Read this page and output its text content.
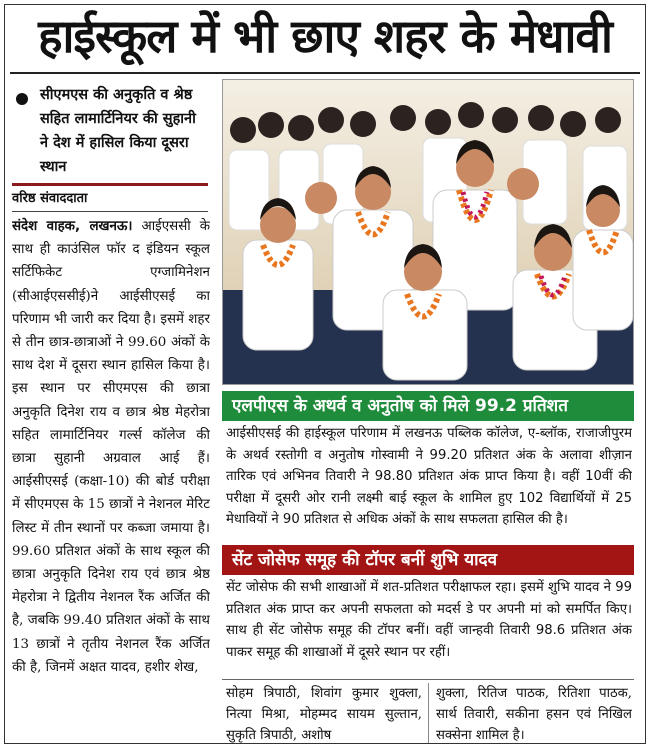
हाईस्कूल में भी छाए शहर के मेधावी
सीएमएस की अनुकृति व श्रेष्ठ सहित लामार्टिनियर की सुहानी ने देश में हासिल किया दूसरा स्थान
वरिष्ठ संवाददाता
संदेश वाहक, लखनऊ। आईएससी के साथ ही काउंसिल फॉर द इंडियन स्कूल सर्टिफिकेट एग्जामिनेशन (सीआईएससीई)ने आईसीएसई का परिणाम भी जारी कर दिया है। इसमें शहर से तीन छात्र-छात्राओं ने 99.60 अंकों के साथ देश में दूसरा स्थान हासिल किया है। इस स्थान पर सीएमएस की छात्रा अनुकृति दिनेश राय व छात्र श्रेष्ठ मेहरोत्रा सहित लामार्टिनियर गर्ल्स कॉलेज की छात्रा सुहानी अग्रवाल आई हैं। आईसीएसई (कक्षा-10) की बोर्ड परीक्षा में सीएमएस के 15 छात्रों ने नेशनल मेरिट लिस्ट में तीन स्थानों पर कब्जा जमाया है। 99.60 प्रतिशत अंकों के साथ स्कूल की छात्रा अनुकृति दिनेश राय एवं छात्र श्रेष्ठ मेहरोत्रा ने द्वितीय नेशनल रैंक अर्जित की है, जबकि 99.40 प्रतिशत अंकों के साथ 13 छात्रों ने तृतीय नेशनल रैंक अर्जित की है, जिनमें अक्षत यादव, हशीर शेख,
एलपीएस के अथर्व व अनुतोष को मिले 99.2 प्रतिशत
आईसीएसई की हाईस्कूल परिणाम में लखनऊ पब्लिक कॉलेज, ए-ब्लॉक, राजाजीपुरम के अथर्व रस्तोगी व अनुतोष गोस्वामी ने 99.20 प्रतिशत अंक के अलावा शीज़ान तारिक एवं अभिनव तिवारी ने 98.80 प्रतिशत अंक प्राप्त किया है। वहीं 10वीं की परीक्षा में दूसरी ओर रानी लक्ष्मी बाई स्कूल के शामिल हुए 102 विद्यार्थियों में 25 मेधावियों ने 90 प्रतिशत से अधिक अंकों के साथ सफलता हासिल की है।
सेंट जोसेफ समूह की टॉपर बनीं शुभि यादव
सेंट जोसेफ की सभी शाखाओं में शत-प्रतिशत परीक्षाफल रहा। इसमें शुभि यादव ने 99 प्रतिशत अंक प्राप्त कर अपनी सफलता को मदर्स डे पर अपनी मां को समर्पित किए। साथ ही सेंट जोसेफ समूह की टॉपर बनीं। वहीं जान्हवी तिवारी 98.6 प्रतिशत अंक पाकर समूह की शाखाओं में दूसरे स्थान पर रहीं।
सोहम त्रिपाठी, शिवांग कुमार शुक्ला, नित्या मिश्रा, मोहम्मद सायम सुल्तान, सुकृति त्रिपाठी, अशोष
शुक्ला, रितिज पाठक, रितिशा पाठक, सार्थ तिवारी, सकीना हसन एवं निखिल सक्सेना शामिल है।
